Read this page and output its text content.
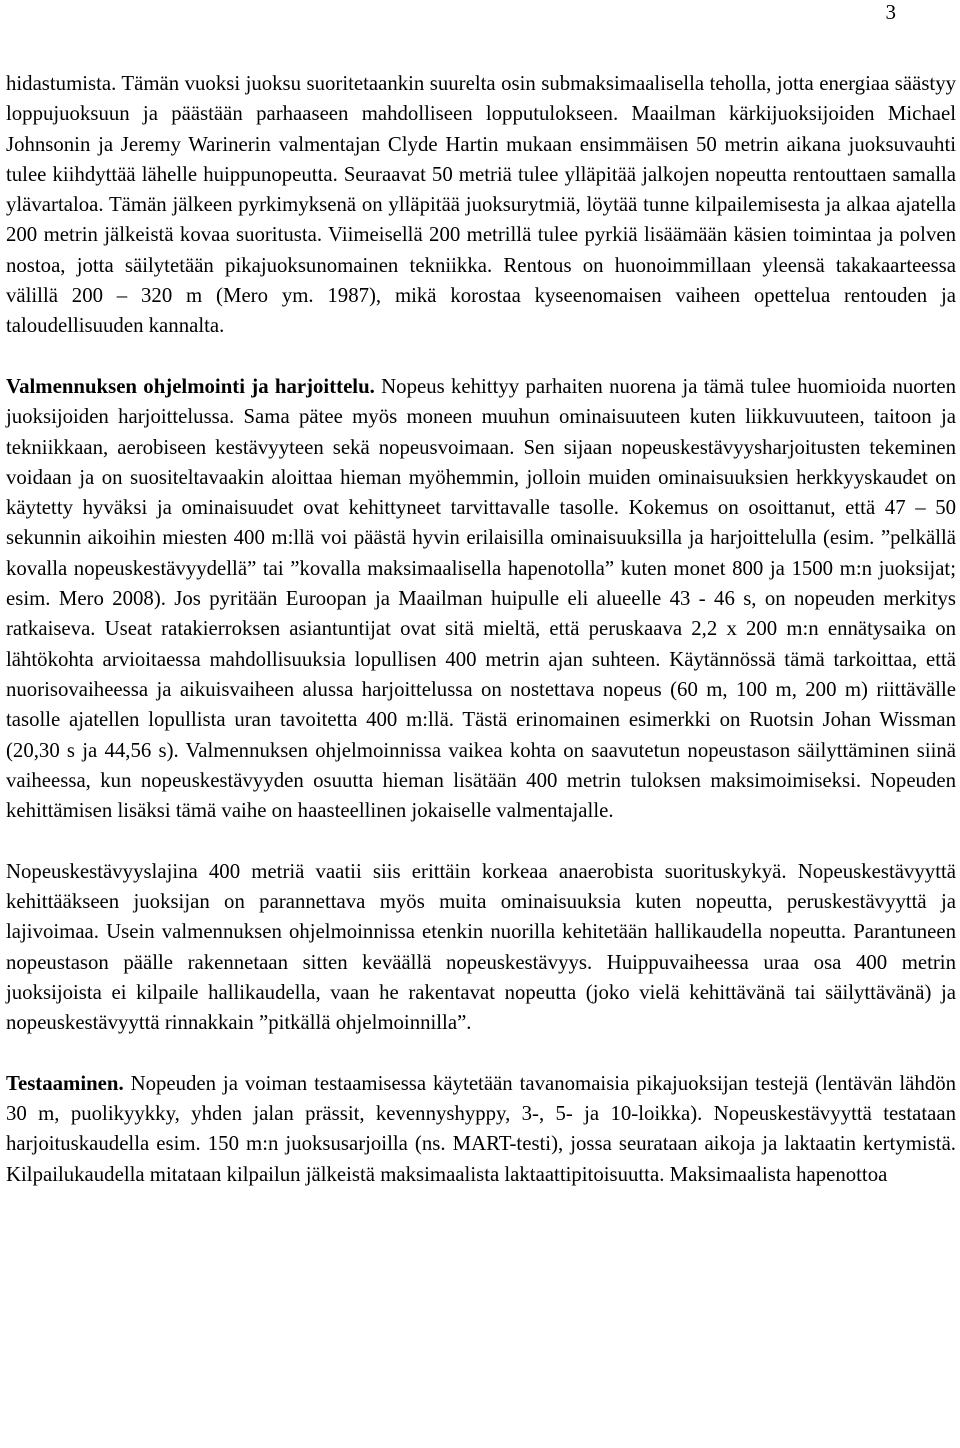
3

hidastumista. Tämän vuoksi juoksu suoritetaankin suurelta osin submaksimaalisella teholla, jotta energiaa säästyy loppujuoksuun ja päästään parhaaseen mahdolliseen lopputulokseen. Maailman kärkijuoksijoiden Michael Johnsonin ja Jeremy Warinerin valmentajan Clyde Hartin mukaan ensimmäisen 50 metrin aikana juoksuvauhti tulee kiihdyttää lähelle huippunopeutta. Seuraavat 50 metriä tulee ylläpitää jalkojen nopeutta rentouttaen samalla ylävartaloa. Tämän jälkeen pyrkimyksenä on ylläpitää juoksurytmiä, löytää tunne kilpailemisesta ja alkaa ajatella 200 metrin jälkeistä kovaa suoritusta. Viimeisellä 200 metrillä tulee pyrkiä lisäämään käsien toimintaa ja polven nostoa, jotta säilytetään pikajuoksunomainen tekniikka. Rentous on huonoimmillaan yleensä takakaarteessa välillä 200 – 320 m (Mero ym. 1987), mikä korostaa kyseenomaisen vaiheen opettelua rentouden ja taloudellisuuden kannalta.

Valmennuksen ohjelmointi ja harjoittelu. Nopeus kehittyy parhaiten nuorena ja tämä tulee huomioida nuorten juoksijoiden harjoittelussa. Sama pätee myös moneen muuhun ominaisuuteen kuten liikkuvuuteen, taitoon ja tekniikkaan, aerobiseen kestävyyteen sekä nopeusvoimaan. Sen sijaan nopeuskestävyysharjoitusten tekeminen voidaan ja on suositeltavaakin aloittaa hieman myöhemmin, jolloin muiden ominaisuuksien herkkyyskaudet on käytetty hyväksi ja ominaisuudet ovat kehittyneet tarvittavalle tasolle. Kokemus on osoittanut, että 47 – 50 sekunnin aikoihin miesten 400 m:llä voi päästä hyvin erilaisilla ominaisuuksilla ja harjoittelulla (esim. ”pelkällä kovalla nopeuskestävyydellä” tai ”kovalla maksimaalisella hapenotolla” kuten monet 800 ja 1500 m:n juoksijat; esim. Mero 2008). Jos pyritään Euroopan ja Maailman huipulle eli alueelle 43 - 46 s, on nopeuden merkitys ratkaiseva. Useat ratakierroksen asiantuntijat ovat sitä mieltä, että peruskaava 2,2 x 200 m:n ennätysaika on lähtökohta arvioitaessa mahdollisuuksia lopullisen 400 metrin ajan suhteen. Käytännössä tämä tarkoittaa, että nuorisovaiheessa ja aikuisvaiheen alussa harjoittelussa on nostettava nopeus (60 m, 100 m, 200 m) riittävälle tasolle ajatellen lopullista uran tavoitetta 400 m:llä. Tästä erinomainen esimerkki on Ruotsin Johan Wissman (20,30 s ja 44,56 s). Valmennuksen ohjelmoinnissa vaikea kohta on saavutetun nopeustason säilyttäminen siinä vaiheessa, kun nopeuskestävyyden osuutta hieman lisätään 400 metrin tuloksen maksimoimiseksi. Nopeuden kehittämisen lisäksi tämä vaihe on haasteellinen jokaiselle valmentajalle.

Nopeuskestävyyslajina 400 metriä vaatii siis erittäin korkeaa anaerobista suorituskykyä. Nopeuskestävyyttä kehittääkseen juoksijan on parannettava myös muita ominaisuuksia kuten nopeutta, peruskestävyyttä ja lajivoimaa. Usein valmennuksen ohjelmoinnissa etenkin nuorilla kehitetään hallikaudella nopeutta. Parantuneen nopeustason päälle rakennetaan sitten keväällä nopeuskestävyys. Huippuvaiheessa uraa osa 400 metrin juoksijoista ei kilpaile hallikaudella, vaan he rakentavat nopeutta (joko vielä kehittävänä tai säilyttävänä) ja nopeuskestävyyttä rinnakkain ”pitkällä ohjelmoinnilla”.

Testaaminen. Nopeuden ja voiman testaamisessa käytetään tavanomaisia pikajuoksijan testejä (lentävän lähdön 30 m, puolikyykky, yhden jalan prässit, kevennyshyppy, 3-, 5- ja 10-loikka). Nopeuskestävyyttä testataan harjoituskaudella esim. 150 m:n juoksusarjoilla (ns. MART-testi), jossa seurataan aikoja ja laktaatin kertymistä. Kilpailukaudella mitataan kilpailun jälkeistä maksimaalista laktaattipitoisuutta. Maksimaalista hapenottoa
